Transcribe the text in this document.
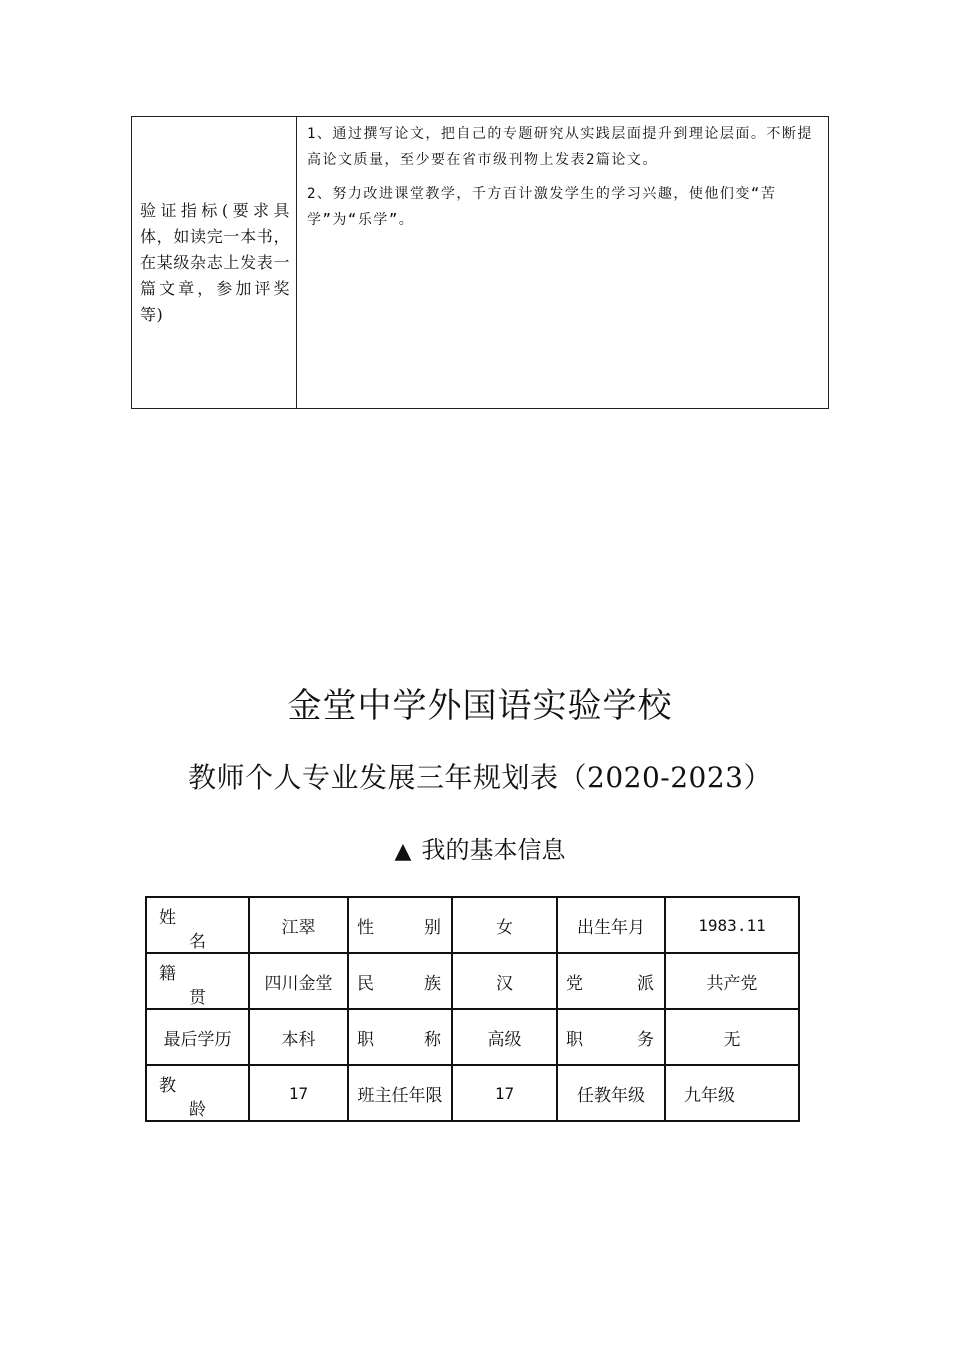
验证指标(要求具体，如读完一本书，在某级杂志上发表一篇文章，参加评奖等)	

1、通过撰写论文，把自己的专题研究从实践层面提升到理论层面。不断提高论文质量，至少要在省市级刊物上发表2篇论文。

2、努力改进课堂教学，千方百计激发学生的学习兴趣，使他们变“苦学”为“乐学”。

金堂中学外国语实验学校
教师个人专业发展三年规划表（2020-2023）
▲ 我的基本信息
姓
名	江翠	性 别	女	出生年月	1983.11

籍
贯	四川金堂	民 族	汉	党 派	共产党
最后学历	本科	职 称	高级	职 务	无

教
龄	17	班主任年限	17	任教年级	九年级
